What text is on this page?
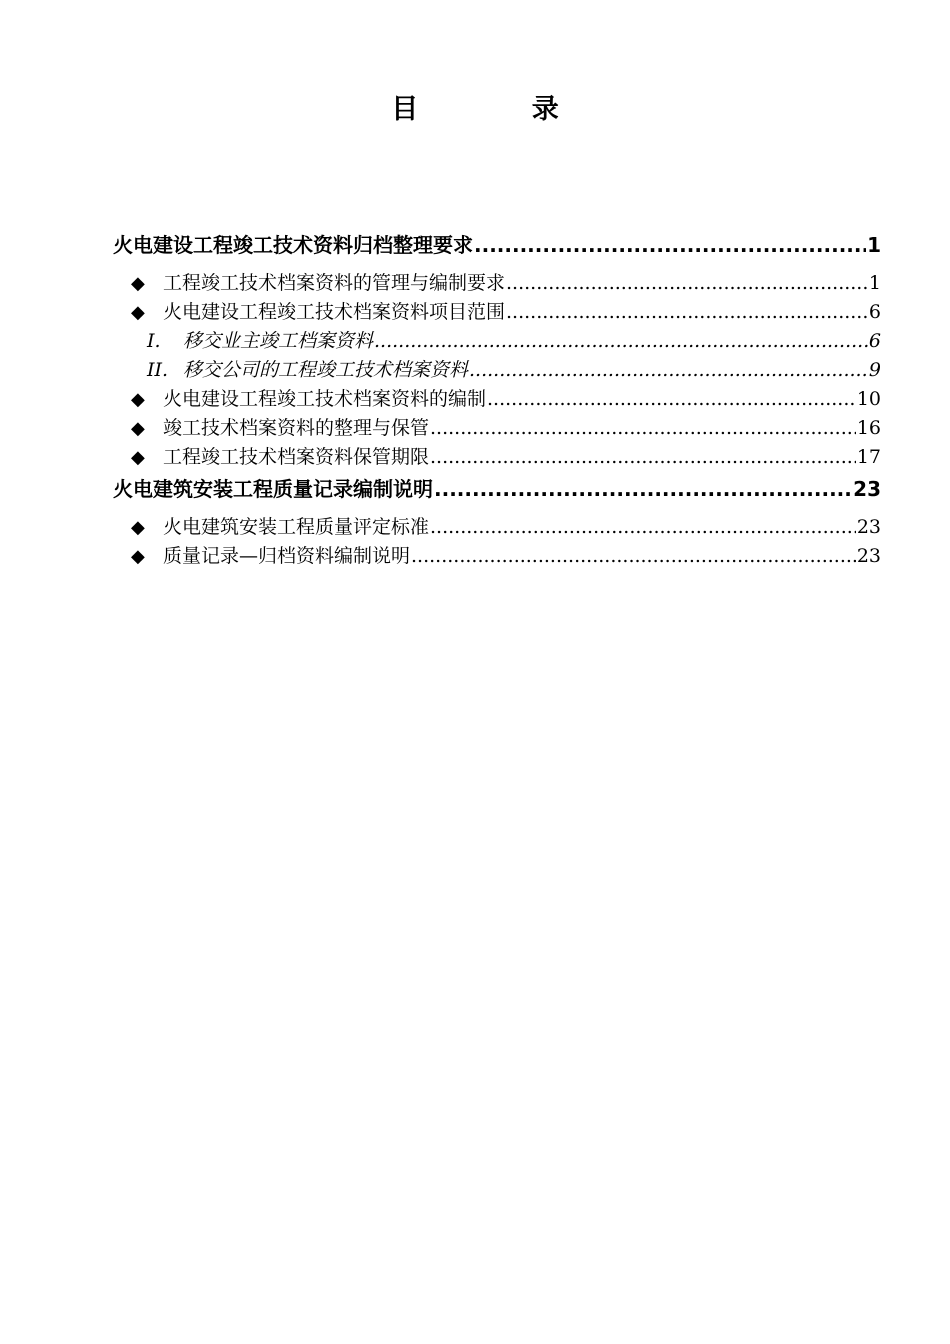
目 录
火电建设工程竣工技术资料归档整理要求 .....	1
◆ 工程竣工技术档案资料的管理与编制要求 .....	1
◆ 火电建设工程竣工技术档案资料项目范围 .....	6
I.	移交业主竣工档案资料 .....	6
II. 移交公司的工程竣工技术档案资料 .....	9
◆ 火电建设工程竣工技术档案资料的编制 .....	10
◆ 竣工技术档案资料的整理与保管 .....	16
◆ 工程竣工技术档案资料保管期限 .....	17
火电建筑安装工程质量记录编制说明 .....	23
◆ 火电建筑安装工程质量评定标准 .....	23
◆ 质量记录—归档资料编制说明 .....	23
